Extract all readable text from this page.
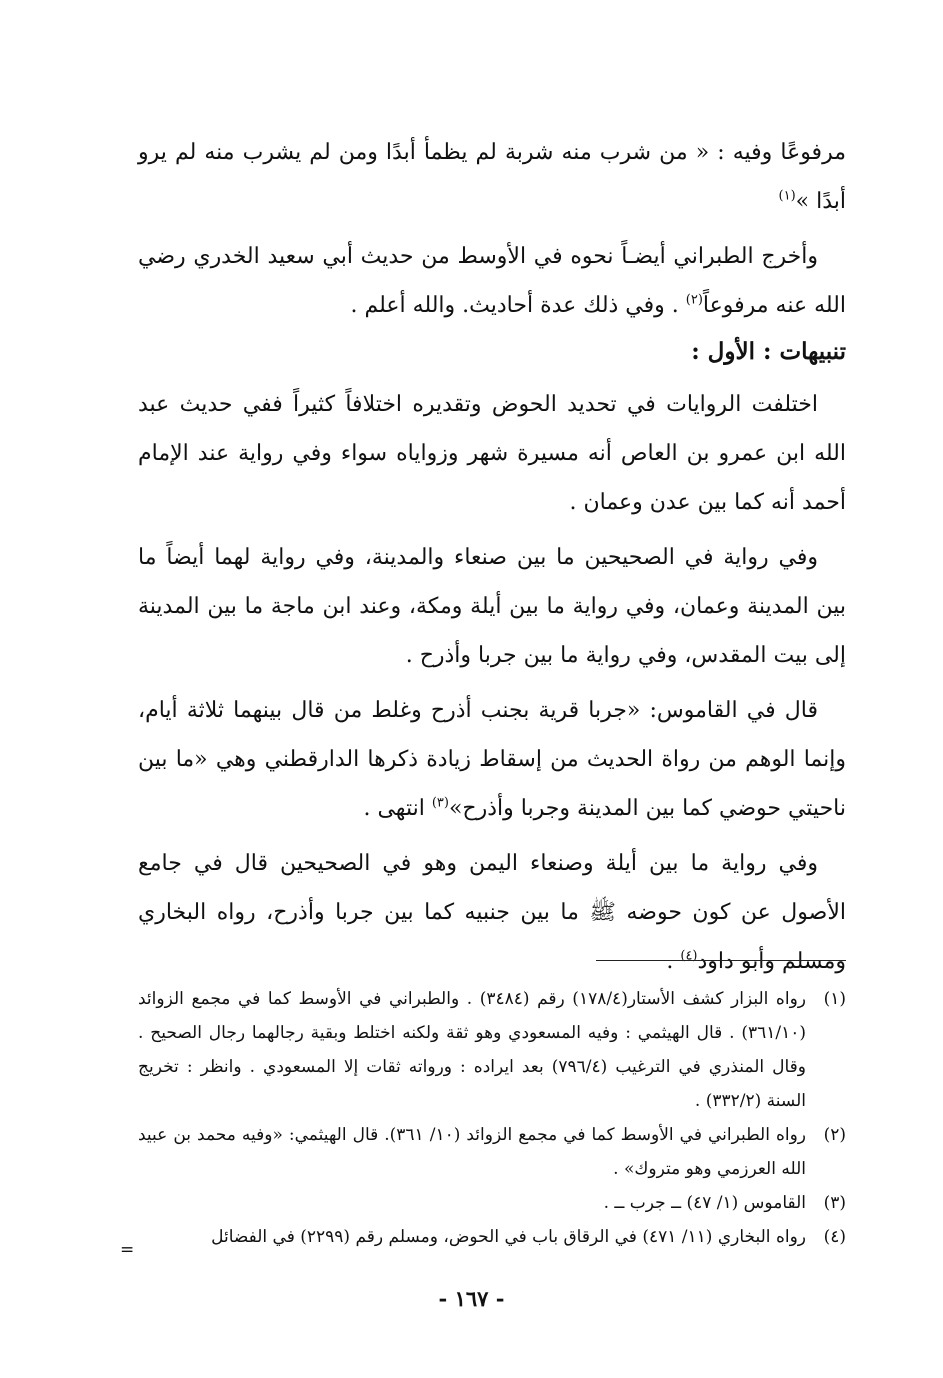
مرفوعًا وفيه : « من شرب منه شربة لم يظمأ أبدًا ومن لم يشرب منه لم يرو أبدًا »$^{(١)}$

وأخرج الطبراني أيضـاً نحوه في الأوسط من حديث أبي سعيد الخدري رضي الله عنه مرفوعاً$^{(٢)}$ . وفي ذلك عدة أحاديث. والله أعلم .

تنبيهات : الأول :

اختلفت الروايات في تحديد الحوض وتقديره اختلافاً كثيراً ففي حديث عبد الله ابن عمرو بن العاص أنه مسيرة شهر وزواياه سواء وفي رواية عند الإمام أحمد أنه كما بين عدن وعمان .

وفي رواية في الصحيحين ما بين صنعاء والمدينة، وفي رواية لهما أيضاً ما بين المدينة وعمان، وفي رواية ما بين أيلة ومكة، وعند ابن ماجة ما بين المدينة إلى بيت المقدس، وفي رواية ما بين جربا وأذرح .

قال في القاموس: «جربا قرية بجنب أذرح وغلط من قال بينهما ثلاثة أيام، وإنما الوهم من رواة الحديث من إسقاط زيادة ذكرها الدارقطني وهي «ما بين ناحيتي حوضي كما بين المدينة وجربا وأذرح»$^{(٣)}$ انتهى .

وفي رواية ما بين أيلة وصنعاء اليمن وهو في الصحيحين قال في جامع الأصول عن كون حوضه ﷺ ما بين جنبيه كما بين جربا وأذرح، رواه البخاري ومسلم وأبو داود$^{(٤)}$ .

(١)
رواه البزار كشف الأستار(١٧٨/٤) رقم (٣٤٨٤) . والطبراني في الأوسط كما في مجمع الزوائد (٣٦١/١٠) . قال الهيثمي : وفيه المسعودي وهو ثقة ولكنه اختلط وبقية رجالهما رجال الصحيح . وقال المنذري في الترغيب (٧٩٦/٤) بعد ايراده : ورواته ثقات إلا المسعودي . وانظر : تخريج السنة (٣٣٢/٢) .
(٢)
رواه الطبراني في الأوسط كما في مجمع الزوائد (١٠/ ٣٦١). قال الهيثمي: «وفيه محمد بن عبيد الله العرزمي وهو متروك» .
(٣)
القاموس (١/ ٤٧) ــ جرب ــ .
(٤)
رواه البخاري (١١/ ٤٧١) في الرقاق باب في الحوض، ومسلم رقم (٢٢٩٩) في الفضائل
=
- ١٦٧ -
